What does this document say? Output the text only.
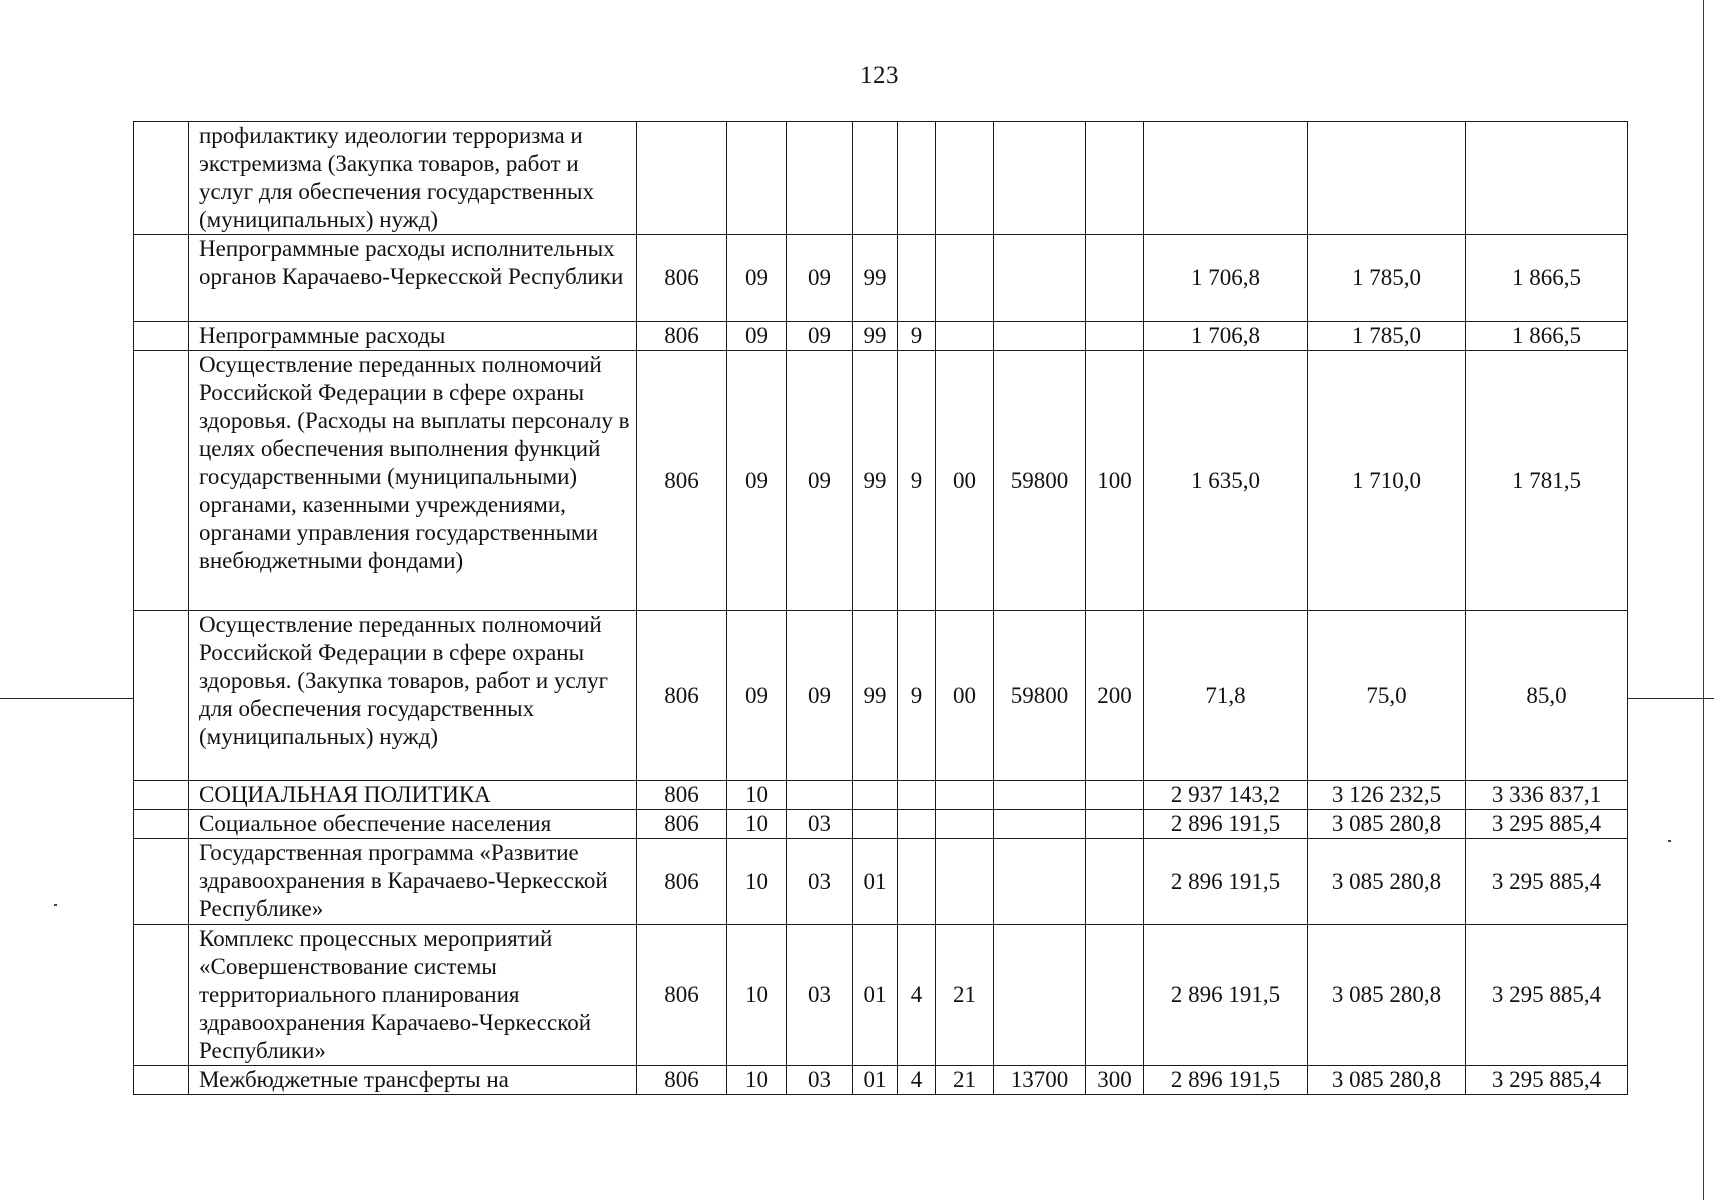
123
	профилактику идеологии терроризма и экстремизма (Закупка товаров, работ и услуг для обеспечения государственных (муниципальных) нужд)											
	Непрограммные расходы исполнительных органов Карачаево-Черкесской Республики	806	09	09	99					1 706,8	1 785,0	1 866,5
	Непрограммные расходы	806	09	09	99	9				1 706,8	1 785,0	1 866,5
	Осуществление переданных полномочий Российской Федерации в сфере охраны здоровья. (Расходы на выплаты персоналу в целях обеспечения выполнения функций государственными (муниципальными) органами, казенными учреждениями, органами управления государственными внебюджетными фондами)	806	09	09	99	9	00	59800	100	1 635,0	1 710,0	1 781,5
	Осуществление переданных полномочий Российской Федерации в сфере охраны здоровья. (Закупка товаров, работ и услуг для обеспечения государственных (муниципальных) нужд)	806	09	09	99	9	00	59800	200	71,8	75,0	85,0
	СОЦИАЛЬНАЯ ПОЛИТИКА	806	10							2 937 143,2	3 126 232,5	3 336 837,1
	Социальное обеспечение населения	806	10	03						2 896 191,5	3 085 280,8	3 295 885,4
	Государственная программа «Развитие здравоохранения в Карачаево-Черкесской Республике»	806	10	03	01					2 896 191,5	3 085 280,8	3 295 885,4
	Комплекс процессных мероприятий «Совершенствование системы территориального планирования здравоохранения Карачаево-Черкесской Республики»	806	10	03	01	4	21			2 896 191,5	3 085 280,8	3 295 885,4
	Межбюджетные трансферты на	806	10	03	01	4	21	13700	300	2 896 191,5	3 085 280,8	3 295 885,4
